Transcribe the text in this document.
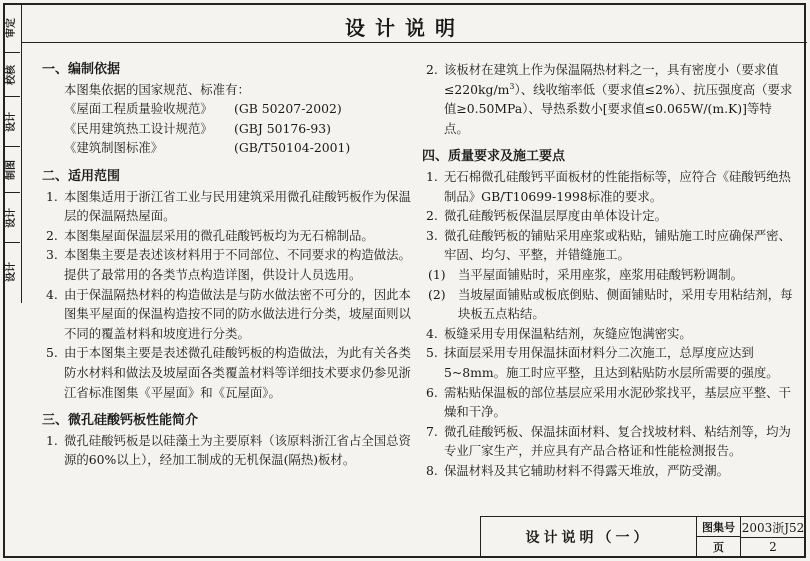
审定
校核
设计
制图
设计
设计
设计说明
一、编制依据
本图集依据的国家规范、标准有：
《屋面工程质量验收规范》	(GB 50207-2002)
《民用建筑热工设计规范》	(GBJ 50176-93)
《建筑制图标准》	(GB/T50104-2001)
二、适用范围
1. 本图集适用于浙江省工业与民用建筑采用微孔硅酸钙板作为保温层的保温隔热屋面。
2. 本图集屋面保温层采用的微孔硅酸钙板均为无石棉制品。
3. 本图集主要是表述该材料用于不同部位、不同要求的构造做法。提供了最常用的各类节点构造详图，供设计人员选用。
4. 由于保温隔热材料的构造做法是与防水做法密不可分的，因此本图集平屋面的保温构造按不同的防水做法进行分类，坡屋面则以不同的覆盖材料和坡度进行分类。
5. 由于本图集主要是表述微孔硅酸钙板的构造做法，为此有关各类防水材料和做法及坡屋面各类覆盖材料等详细技术要求仍参见浙江省标准图集《平屋面》和《瓦屋面》。
三、微孔硅酸钙板性能简介
1. 微孔硅酸钙板是以硅藻土为主要原料（该原料浙江省占全国总资源的60%以上），经加工制成的无机保温(隔热)板材。
2. 该板材在建筑上作为保温隔热材料之一，具有密度小（要求值$\le 220kg/m^3$）、线收缩率低（要求值≤2%）、抗压强度高（要求值≥0.50MPa）、导热系数小[要求值≤0.065W/(m.K)]等特点。
四、质量要求及施工要点
1. 无石棉微孔硅酸钙平面板材的性能指标等，应符合《硅酸钙绝热制品》GB/T10699-1998标准的要求。
2. 微孔硅酸钙板保温层厚度由单体设计定。
3. 微孔硅酸钙板的铺贴采用座浆或粘贴，铺贴施工时应确保严密、牢固、均匀、平整，并错缝施工。
(1)	当平屋面铺贴时，采用座浆，座浆用硅酸钙粉调制。
(2)	当坡屋面铺贴或板底倒贴、侧面铺贴时，采用专用粘结剂，每块板五点粘结。
4. 板缝采用专用保温粘结剂，灰缝应饱满密实。
5. 抹面层采用专用保温抹面材料分二次施工，总厚度应达到5~8mm。施工时应平整，且达到粘贴防水层所需要的强度。
6. 需粘贴保温板的部位基层应采用水泥砂浆找平，基层应平整、干燥和干净。
7. 微孔硅酸钙板、保温抹面材料、复合找坡材料、粘结剂等，均为专业厂家生产，并应具有产品合格证和性能检测报告。
8. 保温材料及其它辅助材料不得露天堆放，严防受潮。
设计说明（一）
图集号 2003浙J52
页	2
